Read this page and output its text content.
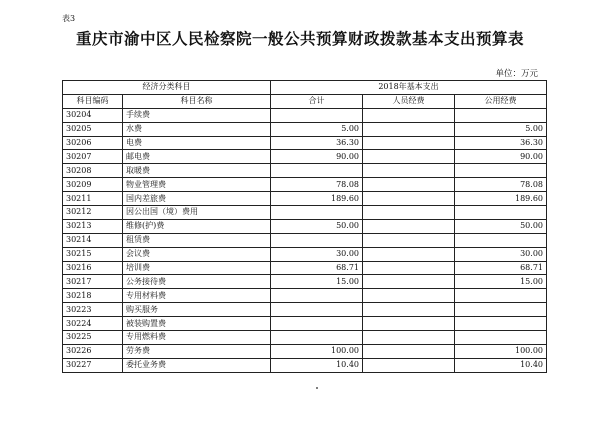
表3
重庆市渝中区人民检察院一般公共预算财政拨款基本支出预算表
单位：万元
经济分类科目		2018年基本支出		
科目编码	科目名称	合计	人员经费	公用经费
30204	手续费			
30205	水费	5.00		5.00
30206	电费	36.30		36.30
30207	邮电费	90.00		90.00
30208	取暖费			
30209	物业管理费	78.08		78.08
30211	国内差旅费	189.60		189.60
30212	因公出国（境）费用			
30213	维修(护)费	50.00		50.00
30214	租赁费			
30215	会议费	30.00		30.00
30216	培训费	68.71		68.71
30217	公务接待费	15.00		15.00
30218	专用材料费			
30223	购买服务			
30224	被装购置费			
30225	专用燃料费			
30226	劳务费	100.00		100.00
30227	委托业务费	10.40		10.40
